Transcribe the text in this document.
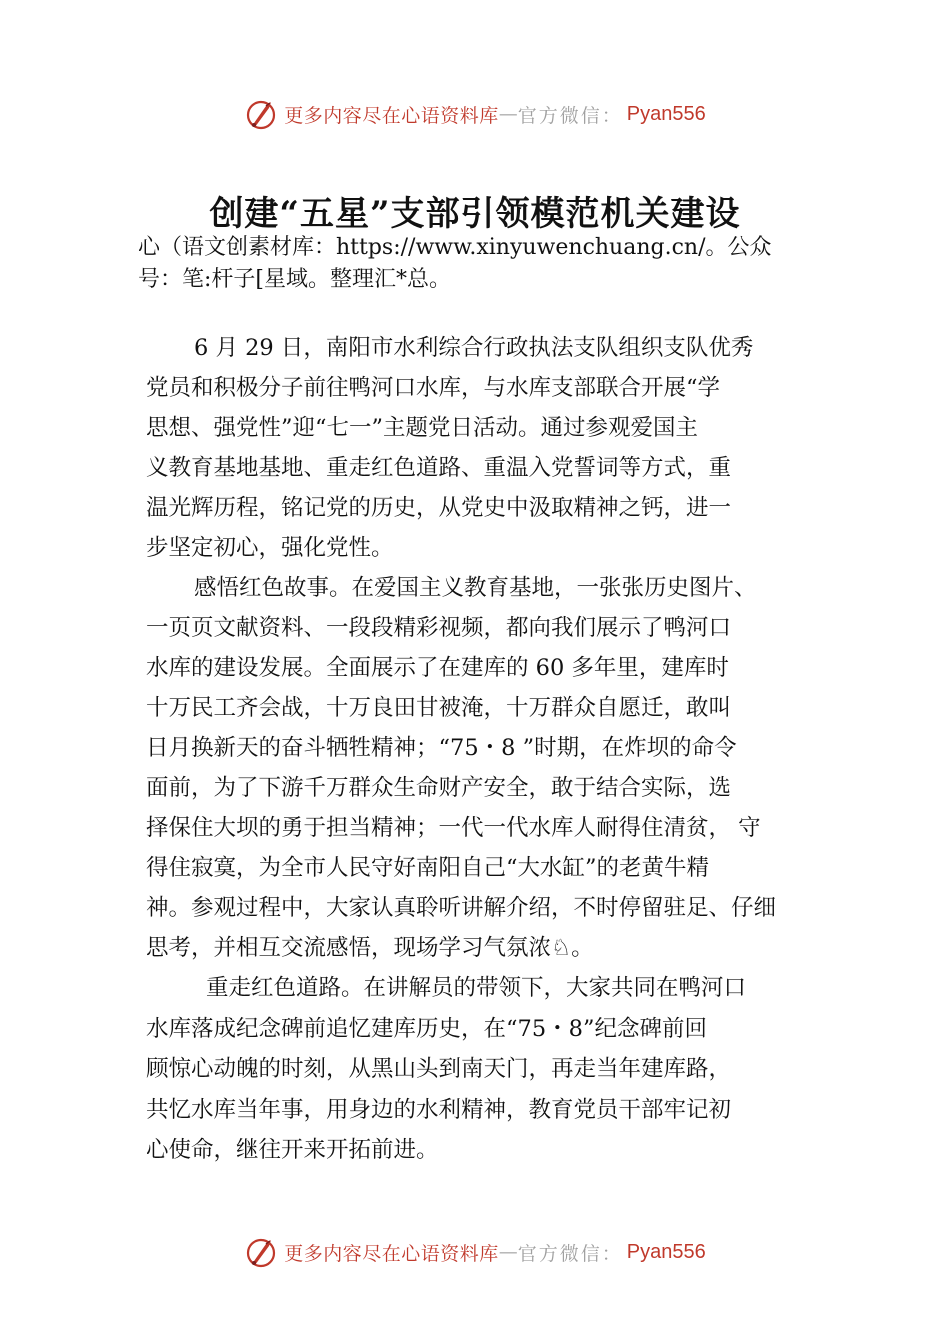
更多内容尽在心语资料库 — 官方微信： Pyan556
创建“五星”支部引领模范机关建设
心（语文创素材库：https://www.xinyuwenchuang.cn/。公众
号：笔:杆子[星域。整理汇*总。
6 月 29 日，南阳市水利综合行政执法支队组织支队优秀
党员和积极分子前往鸭河口水库，与水库支部联合开展“学
思想、强党性”迎“七一”主题党日活动。通过参观爱国主
义教育基地基地、重走红色道路、重温入党誓词等方式，重
温光辉历程，铭记党的历史，从党史中汲取精神之钙，进一
步坚定初心，强化党性。
感悟红色故事。在爱国主义教育基地，一张张历史图片、
一页页文献资料、一段段精彩视频，都向我们展示了鸭河口
水库的建设发展。全面展示了在建库的 60 多年里，建库时
十万民工齐会战，十万良田甘被淹，十万群众自愿迁，敢叫
日月换新天的奋斗牺牲精神；“75・8 ”时期，在炸坝的命令
面前，为了下游千万群众生命财产安全，敢于结合实际，选
择保住大坝的勇于担当精神；一代一代水库人耐得住清贫， 守
得住寂寞，为全市人民守好南阳自己“大水缸”的老黄牛精
神。参观过程中，大家认真聆听讲解介绍，不时停留驻足、仔细
思考，并相互交流感悟，现场学习气氛浓♘。
重走红色道路。在讲解员的带领下，大家共同在鸭河口
水库落成纪念碑前追忆建库历史，在“75・8”纪念碑前回
顾惊心动魄的时刻，从黑山头到南天门，再走当年建库路，
共忆水库当年事，用身边的水利精神，教育党员干部牢记初
心使命，继往开来开拓前进。
更多内容尽在心语资料库 — 官方微信： Pyan556
